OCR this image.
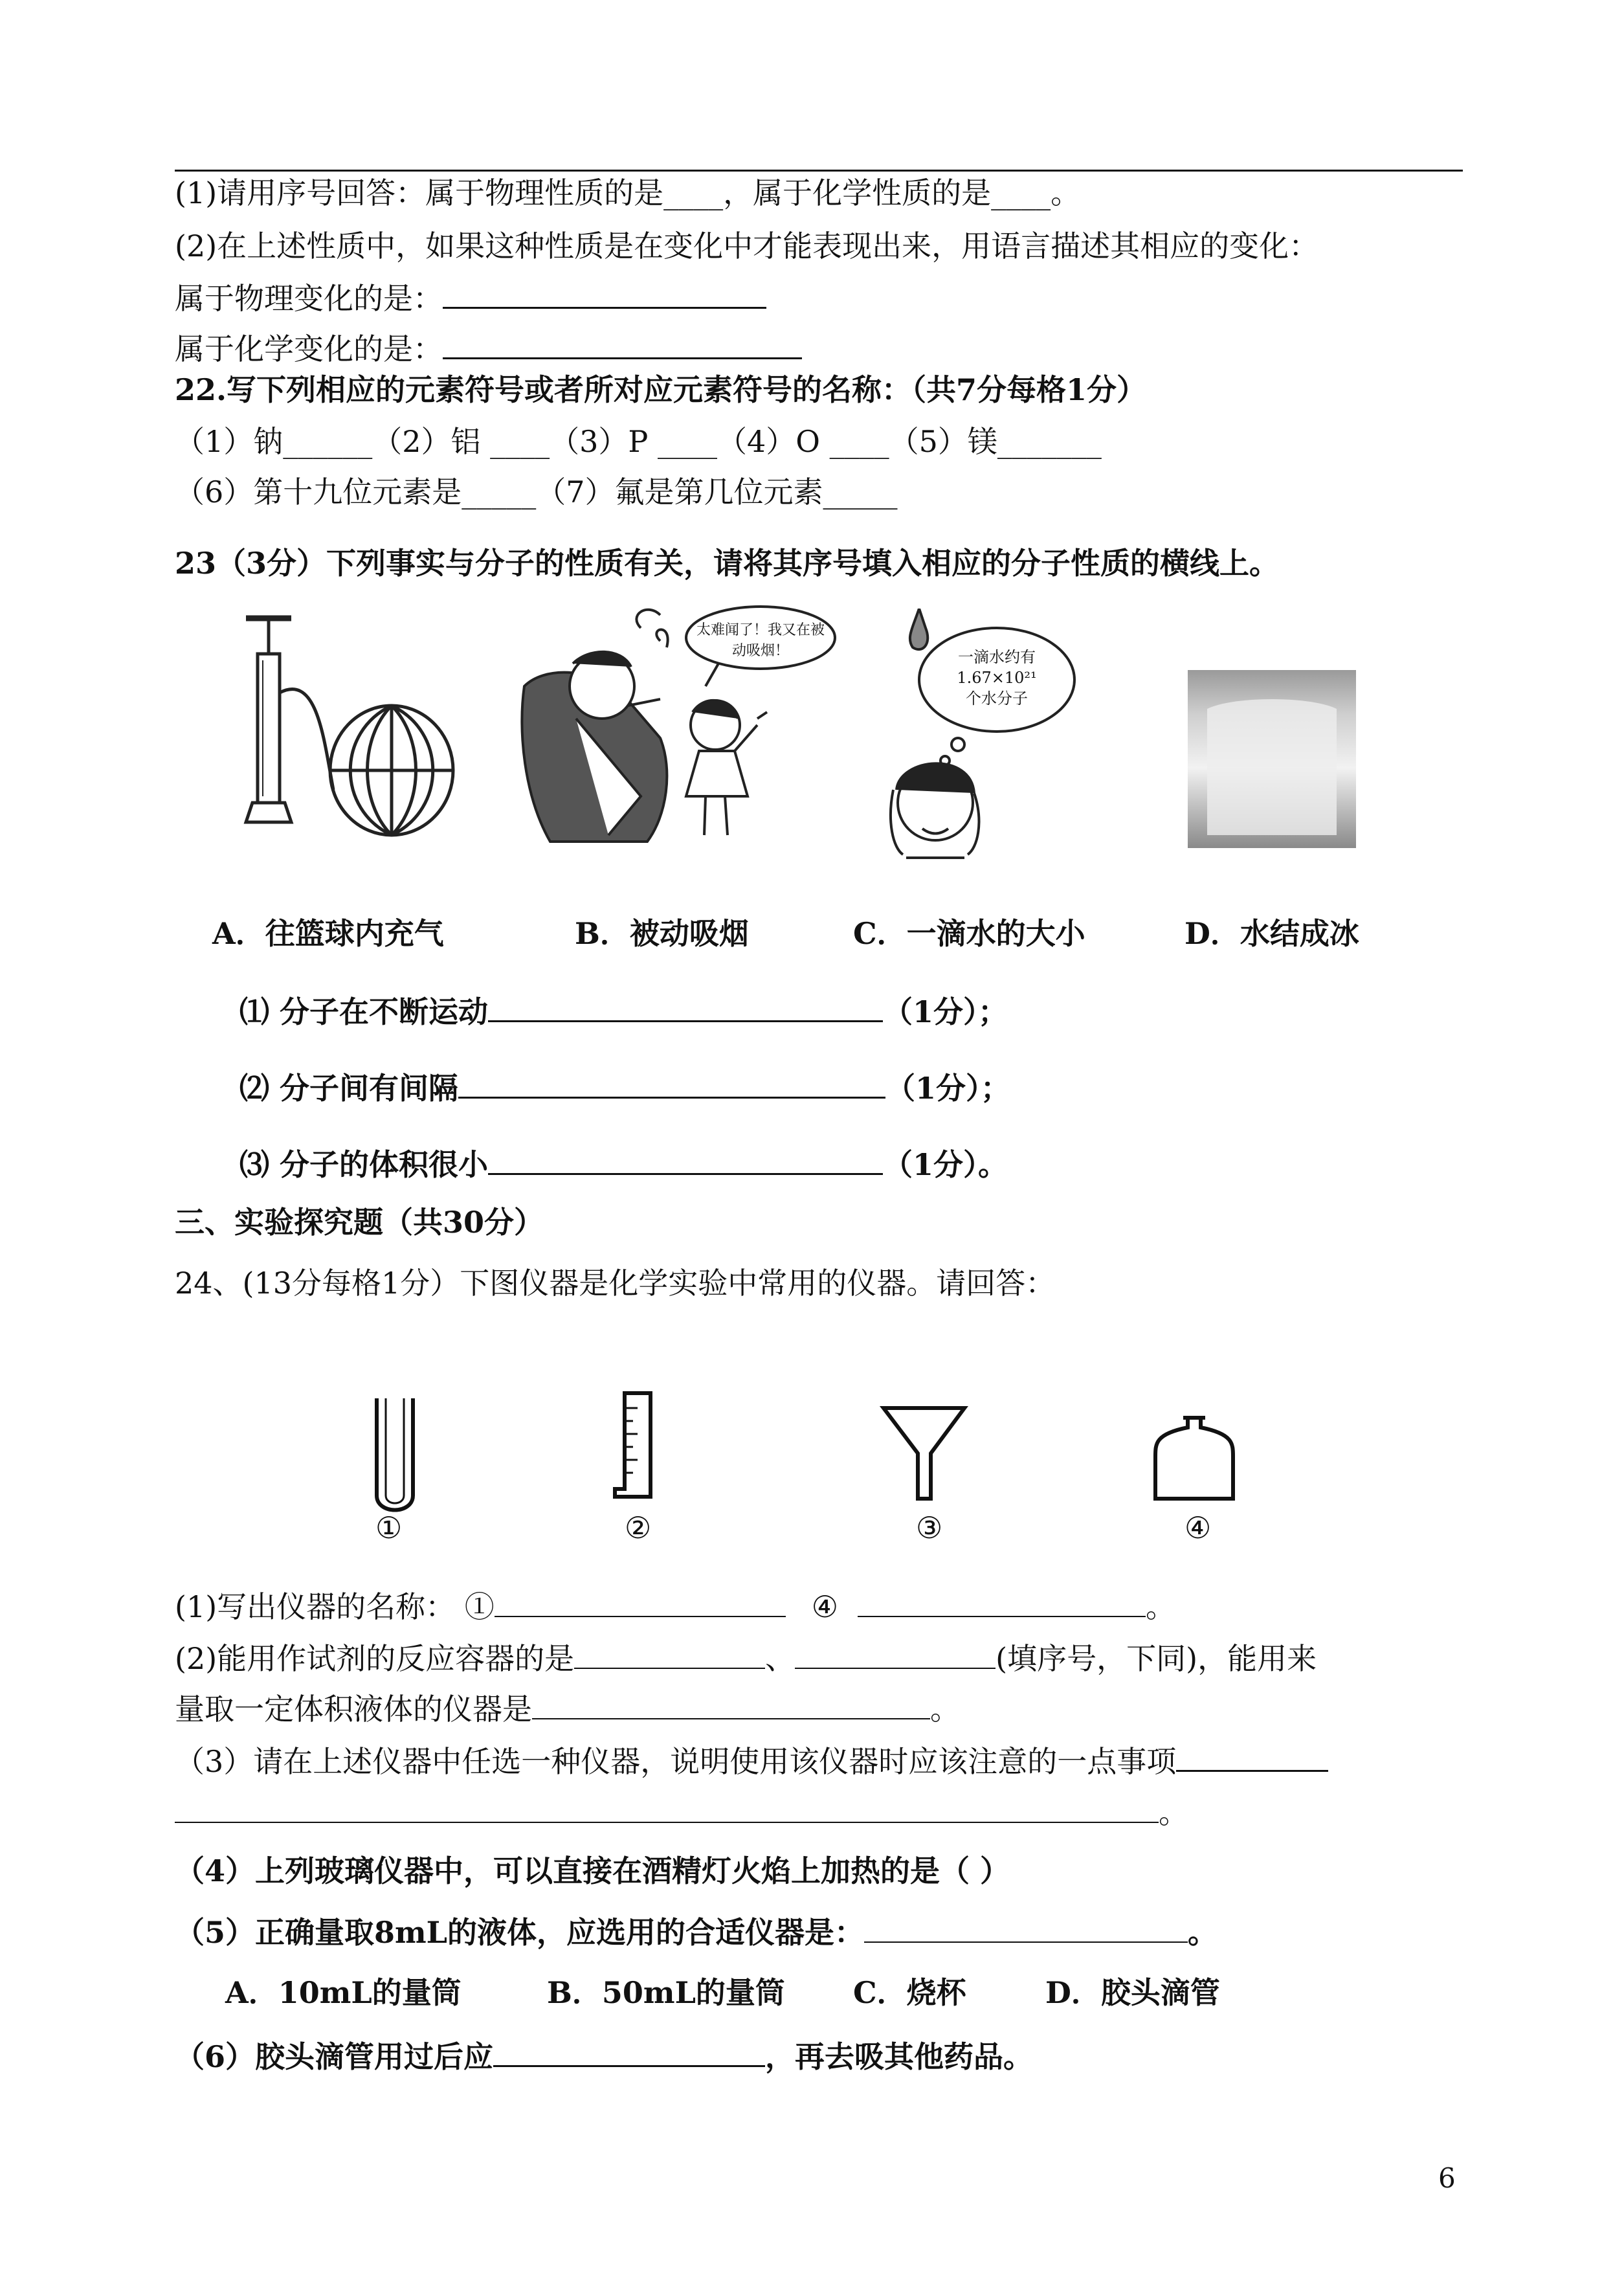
(1)请用序号回答：属于物理性质的是____，属于化学性质的是____。
(2)在上述性质中，如果这种性质是在变化中才能表现出来，用语言描述其相应的变化：
属于物理变化的是：
属于化学变化的是：
22.写下列相应的元素符号或者所对应元素符号的名称：（共7分每格1分）
（1）钠______（2）铝 ____（3）P ____（4）O ____（5）镁_______
（6）第十九位元素是_____（7）氟是第几位元素_____
23（3分）下列事实与分子的性质有关，请将其序号填入相应的分子性质的横线上。
太难闻了！我又在被动吸烟！	一滴水约有
1.67×10²¹
个水分子
A．往篮球内充气	B．被动吸烟	C．一滴水的大小	D．水结成冰
⑴ 分子在不断运动	（1分）；
⑵ 分子间有间隔	（1分）；
⑶ 分子的体积很小	（1分）。
三、实验探究题（共30分）
24、(13分每格1分）下图仪器是化学实验中常用的仪器。请回答：
①	②	③	④
(1)写出仪器的名称： ①	④	。
(2)能用作试剂的反应容器的是	、	(填序号，下同)，能用来
量取一定体积液体的仪器是	。
（3）请在上述仪器中任选一种仪器，说明使用该仪器时应该注意的一点事项
。
（4）上列玻璃仪器中，可以直接在酒精灯火焰上加热的是（ ）
（5）正确量取8mL的液体，应选用的合适仪器是：	。
A．10mL的量筒	B．50mL的量筒 C．烧杯	D．胶头滴管
（6）胶头滴管用过后应	，再去吸其他药品。
6
